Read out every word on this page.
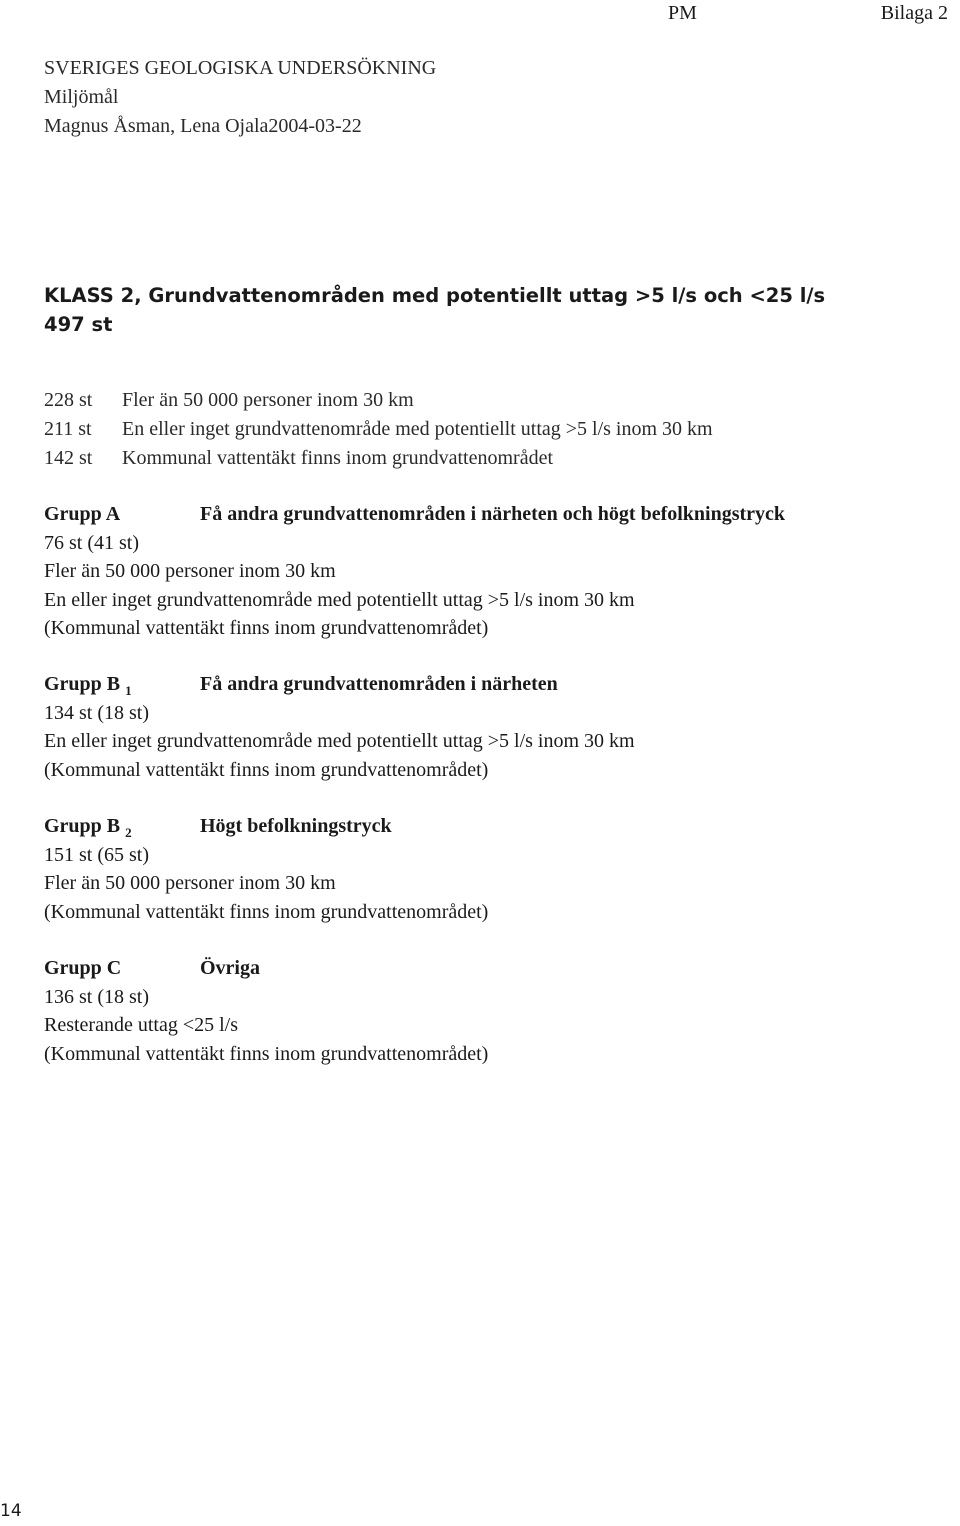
PM	Bilaga 2
SVERIGES GEOLOGISKA UNDERSÖKNING
Miljömål
Magnus Åsman, Lena Ojala2004-03-22
KLASS 2, Grundvattenområden med potentiellt uttag >5 l/s och <25 l/s
497 st
228 st	Fler än 50 000 personer inom 30 km
211 st	En eller inget grundvattenområde med potentiellt uttag >5 l/s inom 30 km
142 st	Kommunal vattentäkt finns inom grundvattenområdet
Grupp A	Få andra grundvattenområden i närheten och högt befolkningstryck
76 st (41 st)
Fler än 50 000 personer inom 30 km
En eller inget grundvattenområde med potentiellt uttag >5 l/s inom 30 km
(Kommunal vattentäkt finns inom grundvattenområdet)
Grupp B $_1$	Få andra grundvattenområden i närheten
134 st (18 st)
En eller inget grundvattenområde med potentiellt uttag >5 l/s inom 30 km
(Kommunal vattentäkt finns inom grundvattenområdet)
Grupp B $_2$	Högt befolkningstryck
151 st (65 st)
Fler än 50 000 personer inom 30 km
(Kommunal vattentäkt finns inom grundvattenområdet)
Grupp C	Övriga
136 st (18 st)
Resterande uttag <25 l/s
(Kommunal vattentäkt finns inom grundvattenområdet)
14
